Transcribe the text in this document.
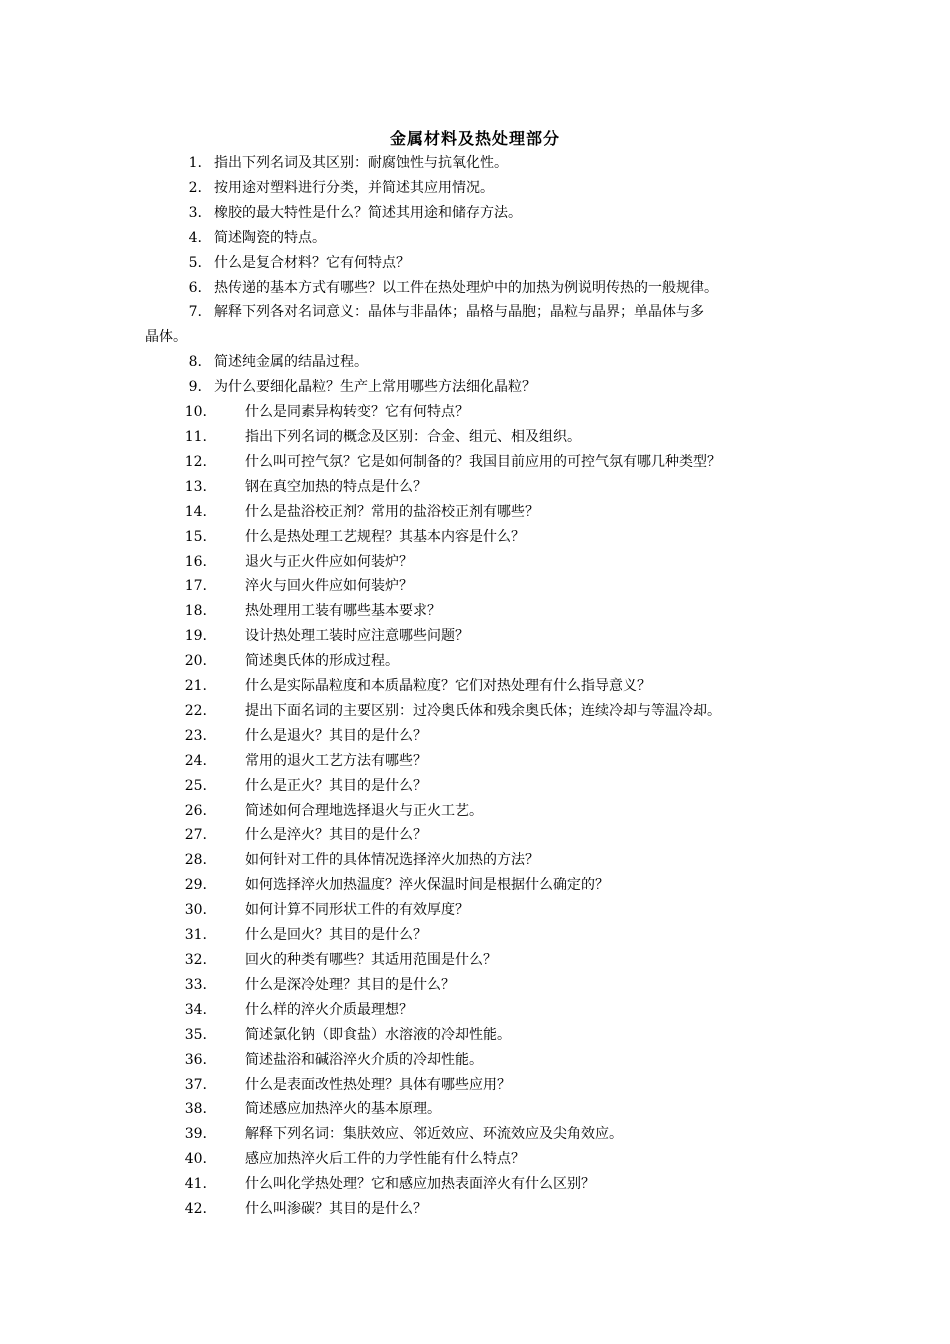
金属材料及热处理部分
1. 指出下列名词及其区别：耐腐蚀性与抗氧化性。
2. 按用途对塑料进行分类，并简述其应用情况。
3. 橡胶的最大特性是什么？简述其用途和储存方法。
4. 简述陶瓷的特点。
5. 什么是复合材料？它有何特点？
6. 热传递的基本方式有哪些？以工件在热处理炉中的加热为例说明传热的一般规律。
7. 解释下列各对名词意义：晶体与非晶体；晶格与晶胞；晶粒与晶界；单晶体与多
晶体。
8. 简述纯金属的结晶过程。
9. 为什么要细化晶粒？生产上常用哪些方法细化晶粒？
10.	什么是同素异构转变？它有何特点？
11.	指出下列名词的概念及区别：合金、组元、相及组织。
12.	什么叫可控气氛？它是如何制备的？我国目前应用的可控气氛有哪几种类型？
13.	钢在真空加热的特点是什么？
14.	什么是盐浴校正剂？常用的盐浴校正剂有哪些？
15.	什么是热处理工艺规程？其基本内容是什么？
16.	退火与正火件应如何装炉？
17.	淬火与回火件应如何装炉？
18.	热处理用工装有哪些基本要求？
19.	设计热处理工装时应注意哪些问题？
20.	简述奥氏体的形成过程。
21.	什么是实际晶粒度和本质晶粒度？它们对热处理有什么指导意义？
22.	提出下面名词的主要区别：过冷奥氏体和残余奥氏体；连续冷却与等温冷却。
23.	什么是退火？其目的是什么？
24.	常用的退火工艺方法有哪些？
25.	什么是正火？其目的是什么？
26.	简述如何合理地选择退火与正火工艺。
27.	什么是淬火？其目的是什么？
28.	如何针对工件的具体情况选择淬火加热的方法？
29.	如何选择淬火加热温度？淬火保温时间是根据什么确定的？
30.	如何计算不同形状工件的有效厚度？
31.	什么是回火？其目的是什么？
32.	回火的种类有哪些？其适用范围是什么？
33.	什么是深冷处理？其目的是什么？
34.	什么样的淬火介质最理想？
35.	简述氯化钠（即食盐）水溶液的冷却性能。
36.	简述盐浴和碱浴淬火介质的冷却性能。
37.	什么是表面改性热处理？具体有哪些应用？
38.	简述感应加热淬火的基本原理。
39.	解释下列名词：集肤效应、邻近效应、环流效应及尖角效应。
40.	感应加热淬火后工件的力学性能有什么特点？
41.	什么叫化学热处理？它和感应加热表面淬火有什么区别？
42.	什么叫渗碳？其目的是什么？
